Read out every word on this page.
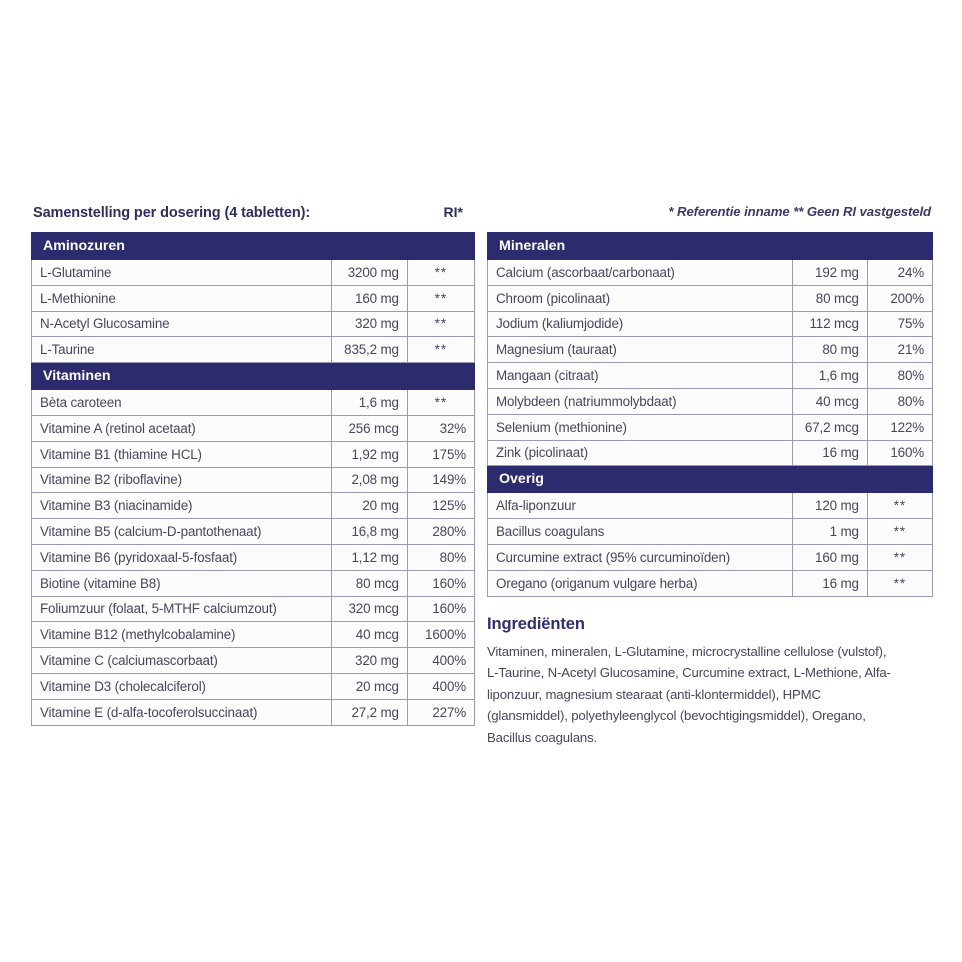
Samenstelling per dosering (4 tabletten):	RI*
Aminozuren		
L-Glutamine	3200 mg	**
L-Methionine	160 mg	**
N-Acetyl Glucosamine	320 mg	**
L-Taurine	835,2 mg	**
Vitaminen		
Bèta caroteen	1,6 mg	**
Vitamine A (retinol acetaat)	256 mcg	32%
Vitamine B1 (thiamine HCL)	1,92 mg	175%
Vitamine B2 (riboflavine)	2,08 mg	149%
Vitamine B3 (niacinamide)	20 mg	125%
Vitamine B5 (calcium-D-pantothenaat)	16,8 mg	280%
Vitamine B6 (pyridoxaal-5-fosfaat)	1,12 mg	80%
Biotine (vitamine B8)	80 mcg	160%
Foliumzuur (folaat, 5-MTHF calciumzout)	320 mcg	160%
Vitamine B12 (methylcobalamine)	40 mcg	1600%
Vitamine C (calciumascorbaat)	320 mg	400%
Vitamine D3 (cholecalciferol)	20 mcg	400%
Vitamine E (d-alfa-tocoferolsuccinaat)	27,2 mg	227%
* Referentie inname ** Geen RI vastgesteld
Mineralen		
Calcium (ascorbaat/carbonaat)	192 mg	24%
Chroom (picolinaat)	80 mcg	200%
Jodium (kaliumjodide)	112 mcg	75%
Magnesium (tauraat)	80 mg	21%
Mangaan (citraat)	1,6 mg	80%
Molybdeen (natriummolybdaat)	40 mcg	80%
Selenium (methionine)	67,2 mcg	122%
Zink (picolinaat)	16 mg	160%
Overig		
Alfa-liponzuur	120 mg	**
Bacillus coagulans	1 mg	**
Curcumine extract (95% curcuminoïden)	160 mg	**
Oregano (origanum vulgare herba)	16 mg	**
Ingrediënten

Vitaminen, mineralen, L-Glutamine, microcrystalline cellulose (vulstof), L-Taurine, N-Acetyl Glucosamine, Curcumine extract, L-Methione, Alfa-liponzuur, magnesium stearaat (anti-klontermiddel), HPMC (glansmiddel), polyethyleenglycol (bevochtigingsmiddel), Oregano, Bacillus coagulans.
